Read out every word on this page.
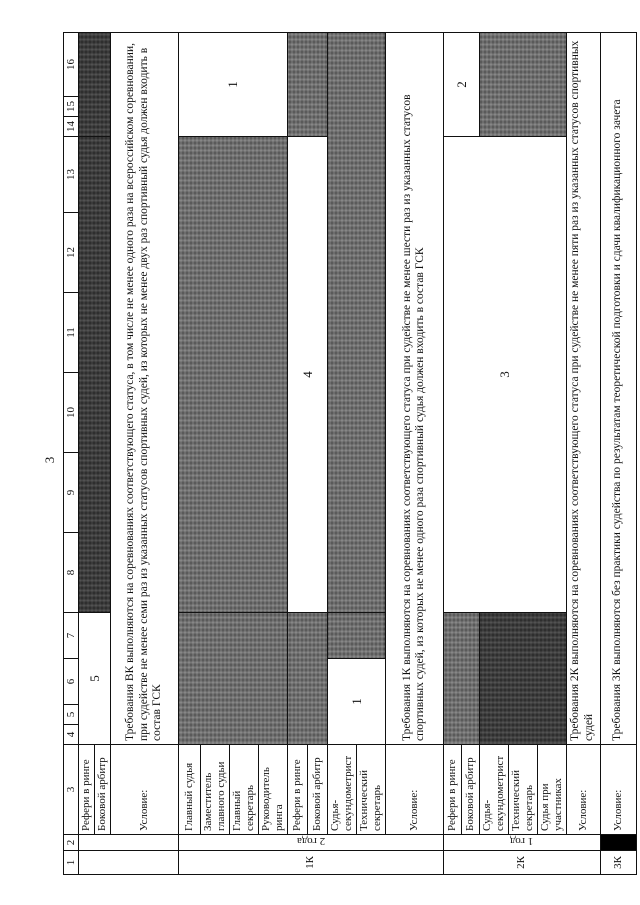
3
1	2	3	4	5	6	7	8	9	10	11	12	13	14	15	16
		Рефери в ринге	5												
		Боковой арбитр													
		Условие:	Требования ВК выполняются на соревнованиях соответствующего статуса, в том числе не менее одного раза на всероссийском соревновании, при судействе не менее семи раз из указанных статусов спортивных судей, из которых не менее двух раз спортивный судья должен входить в состав ГСК												
1К	2 года	Главный судья											1		
		Заместитель главного судьи													
		Главный секретарь													
		Руководитель ринга													
		Рефери в ринге					4								
		Боковой арбитр													
		Судья-секундометрист	1												
		Технический секретарь													
		Условие:	Требования 1К выполняются на соревнованиях соответствующего статуса при судействе не менее шести раз из указанных статусов спортивных судей, из которых не менее одного раза спортивный судья должен входить в состав ГСК												
2К	1 год	Рефери в ринге					3						2		
		Боковой арбитр													
		Судья-секундометрист													
		Технический секретарь													
		Судья при участниках													
		Условие:	Требования 2К выполняются на соревнованиях соответствующего статуса при судействе не менее пяти раз из указанных статусов спортивных судей												
3К		Условие:	Требования 3К выполняются без практики судейства по результатам теоретической подготовки и сдачи квалификационного зачета												
